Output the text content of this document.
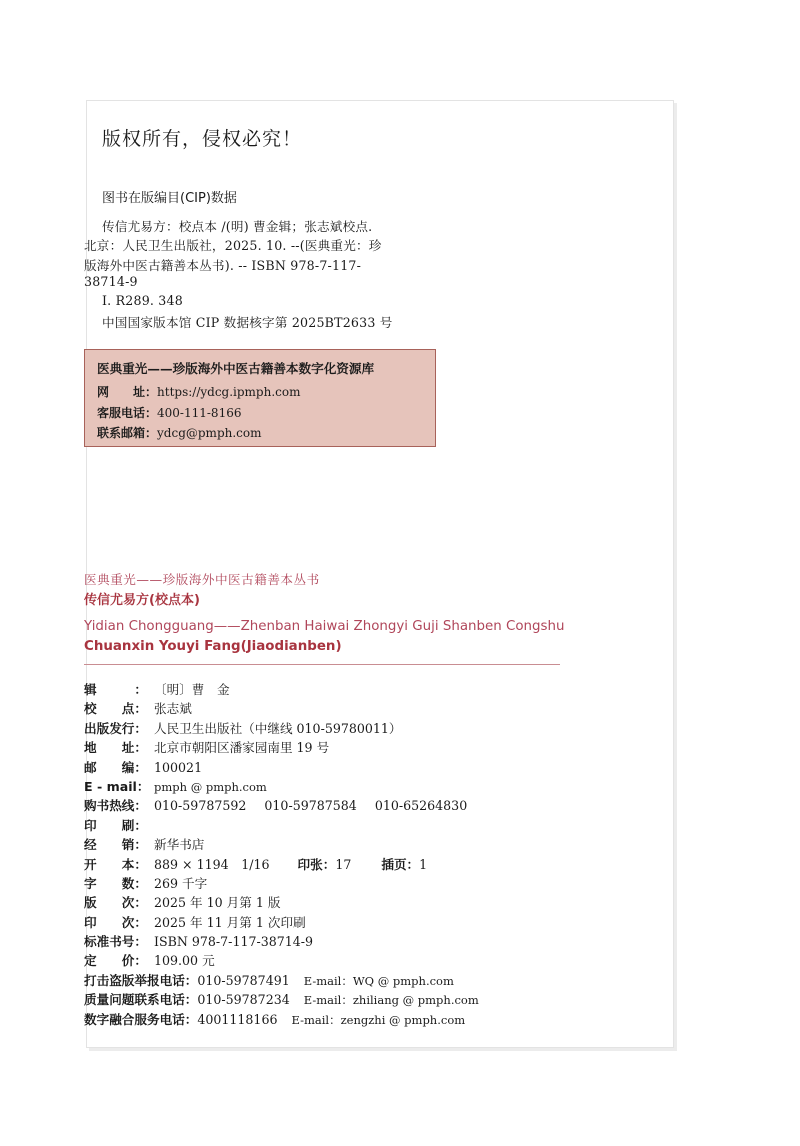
版权所有，侵权必究！
图书在版编目(CIP)数据
传信尤易方：校点本 /(明) 曹金辑；张志斌校点.
北京：人民卫生出版社，2025. 10. --(医典重光：珍
版海外中医古籍善本丛书). -- ISBN 978-7-117-
38714-9
Ⅰ. R289. 348
中国国家版本馆 CIP 数据核字第 2025BT2633 号
医典重光——珍版海外中医古籍善本数字化资源库
网　　址：https://ydcg.ipmph.com
客服电话：400-111-8166
联系邮箱：ydcg@pmph.com
医典重光——珍版海外中医古籍善本丛书
传信尤易方(校点本)
Yidian Chongguang——Zhenban Haiwai Zhongyi Guji Shanben Congshu
Chuanxin Youyi Fang(Jiaodianben)
辑　　　： 〔明〕曹　金
校　　点： 张志斌
出版发行： 人民卫生出版社（中继线 010-59780011）
地　　址： 北京市朝阳区潘家园南里 19 号
邮　　编： 100021
E - mail： pmph @ pmph.com
购书热线： 010-59787592 010-59787584 010-65264830
印　　刷：
经　　销： 新华书店
开　　本： 889 × 1194　1/16 印张：17 插页：1
字　　数： 269 千字
版　　次： 2025 年 10 月第 1 版
印　　次： 2025 年 11 月第 1 次印刷
标准书号： ISBN 978-7-117-38714-9
定　　价： 109.00 元
打击盗版举报电话：010-59787491 E-mail：WQ @ pmph.com
质量问题联系电话：010-59787234 E-mail：zhiliang @ pmph.com
数字融合服务电话：4001118166 E-mail：zengzhi @ pmph.com
